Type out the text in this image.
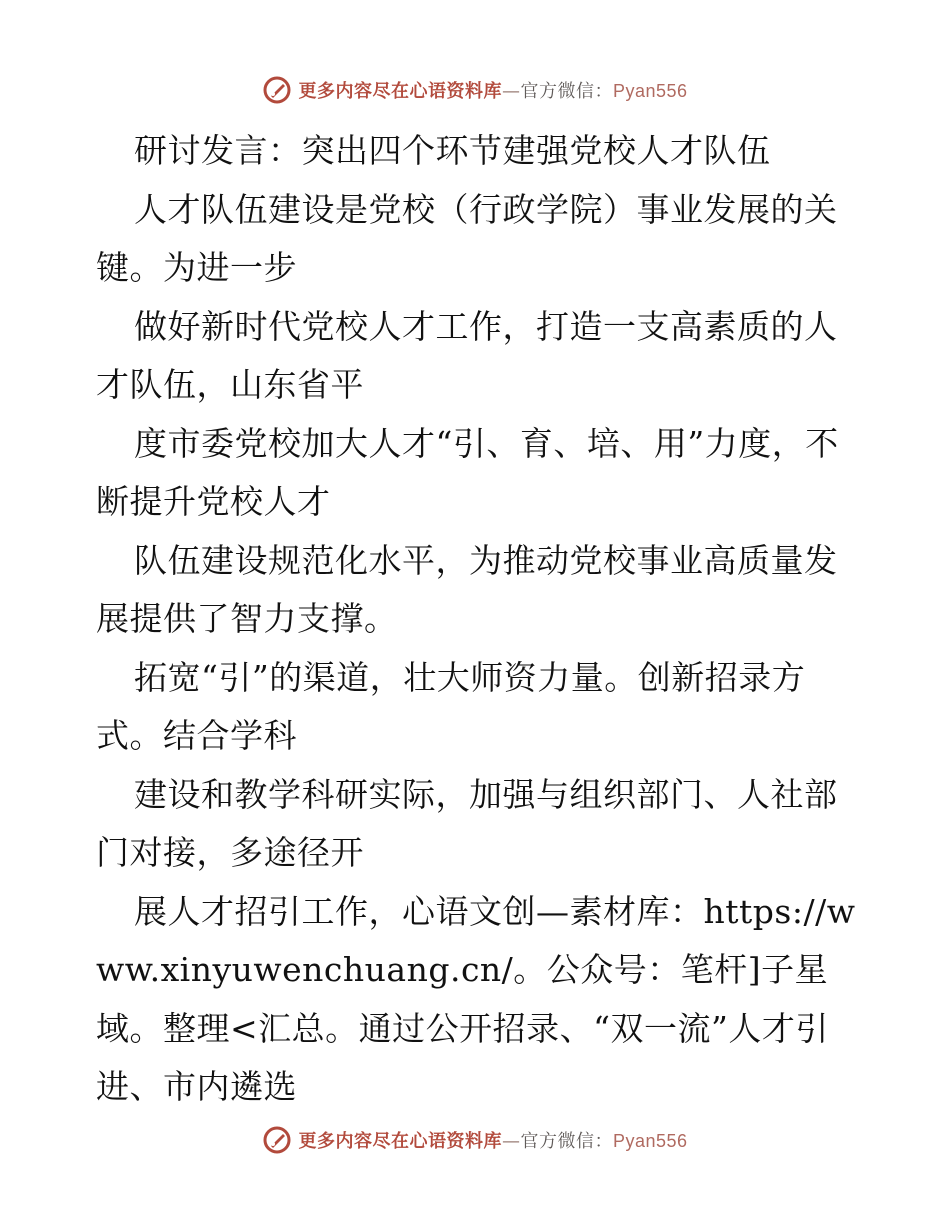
更多内容尽在心语资料库—官方微信：Pyan556

研讨发言：突出四个环节建强党校人才队伍

人才队伍建设是党校（行政学院）事业发展的关键。为进一步

做好新时代党校人才工作，打造一支高素质的人才队伍，山东省平

度市委党校加大人才“引、育、培、用”力度，不断提升党校人才

队伍建设规范化水平，为推动党校事业高质量发展提供了智力支撑。

拓宽“引”的渠道，壮大师资力量。创新招录方式。结合学科

建设和教学科研实际，加强与组织部门、人社部门对接，多途径开

展人才招引工作，心语文创—素材库：https://www.xinyuwenchuang.cn/。公众号：笔杆]子星域。整理<汇总。通过公开招录、“双一流”人才引进、市内遴选

更多内容尽在心语资料库—官方微信：Pyan556
